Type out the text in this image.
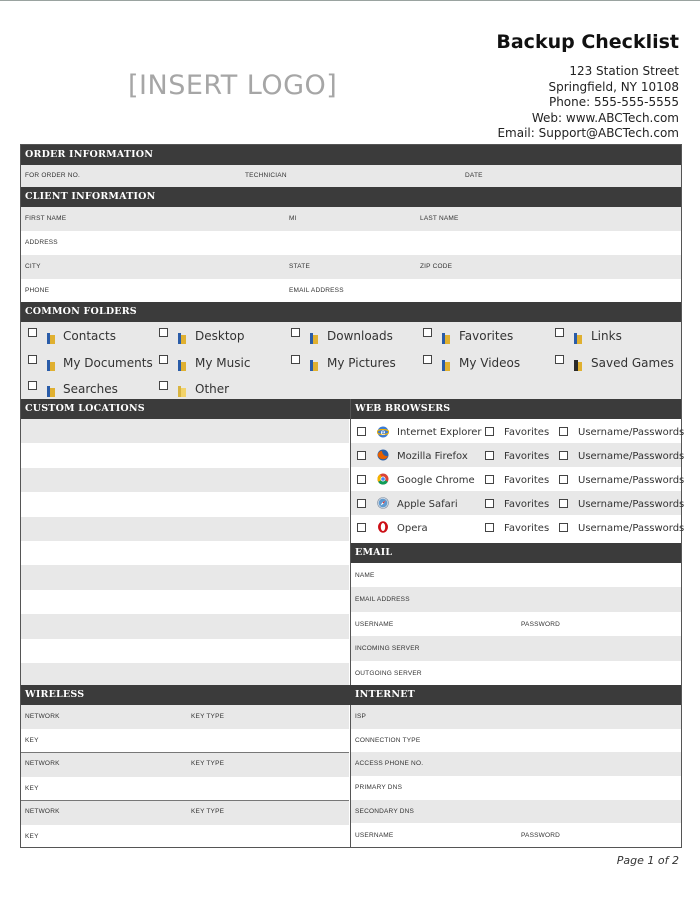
[INSERT LOGO]
Backup Checklist
123 Station Street
Springfield, NY 10108
Phone: 555-555-5555
Web: www.ABCTech.com
Email: Support@ABCTech.com
ORDER INFORMATION
FOR ORDER NO.	TECHNICIAN	DATE
CLIENT INFORMATION
FIRST NAME	MI	LAST NAME
ADDRESS
CITY	STATE	ZIP CODE
PHONE	EMAIL ADDRESS
COMMON FOLDERS
Contacts	Desktop	Downloads	Favorites	Links
My Documents	My Music	My Pictures	My Videos	Saved Games
Searches	Other
CUSTOM LOCATIONS	WEB BROWSERS
e Internet Explorer Favorites	Username/Passwords
Mozilla Firefox	Favorites	Username/Passwords
Google Chrome	Favorites	Username/Passwords
Apple Safari	Favorites	Username/Passwords
Opera	Favorites	Username/Passwords
EMAIL
NAME
EMAIL ADDRESS
USERNAME	PASSWORD
INCOMING SERVER
OUTGOING SERVER
WIRELESS
NETWORK	KEY TYPE
KEY
NETWORK	KEY TYPE
KEY
NETWORK	KEY TYPE
KEY
INTERNET
ISP
CONNECTION TYPE
ACCESS PHONE NO.
PRIMARY DNS
SECONDARY DNS
USERNAME	PASSWORD
Page 1 of 2
